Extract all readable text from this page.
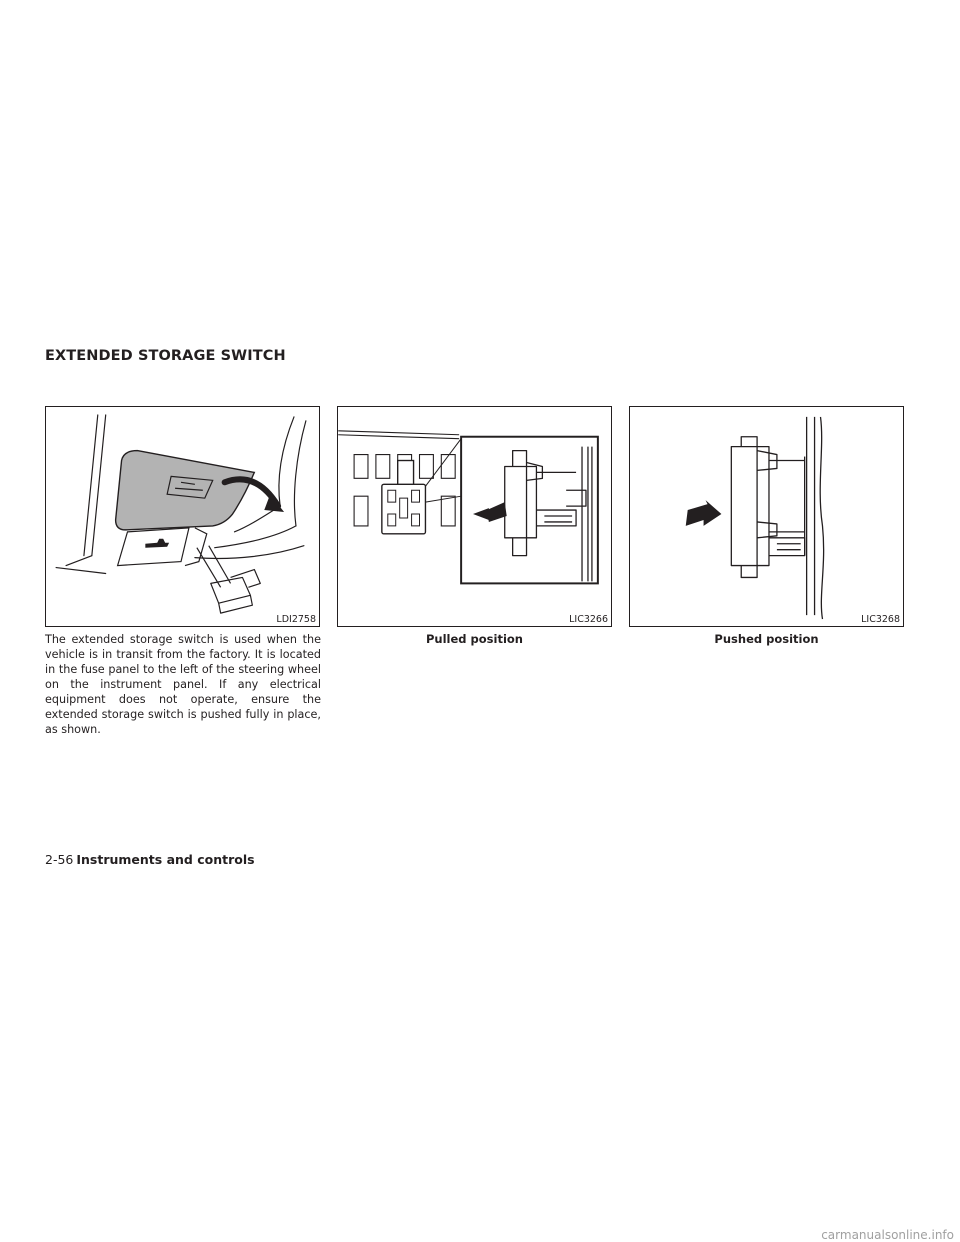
EXTENDED STORAGE SWITCH
LDI2758	LIC3266

Pulled position

LIC3268

Pushed position

The extended storage switch is used when the vehicle is in transit from the factory. It is located in the fuse panel to the left of the steering wheel on the instrument panel. If any electrical equipment does not operate, ensure the extended storage switch is pushed fully in place, as shown.

2-56 Instruments and controls

carmanualsonline.info
